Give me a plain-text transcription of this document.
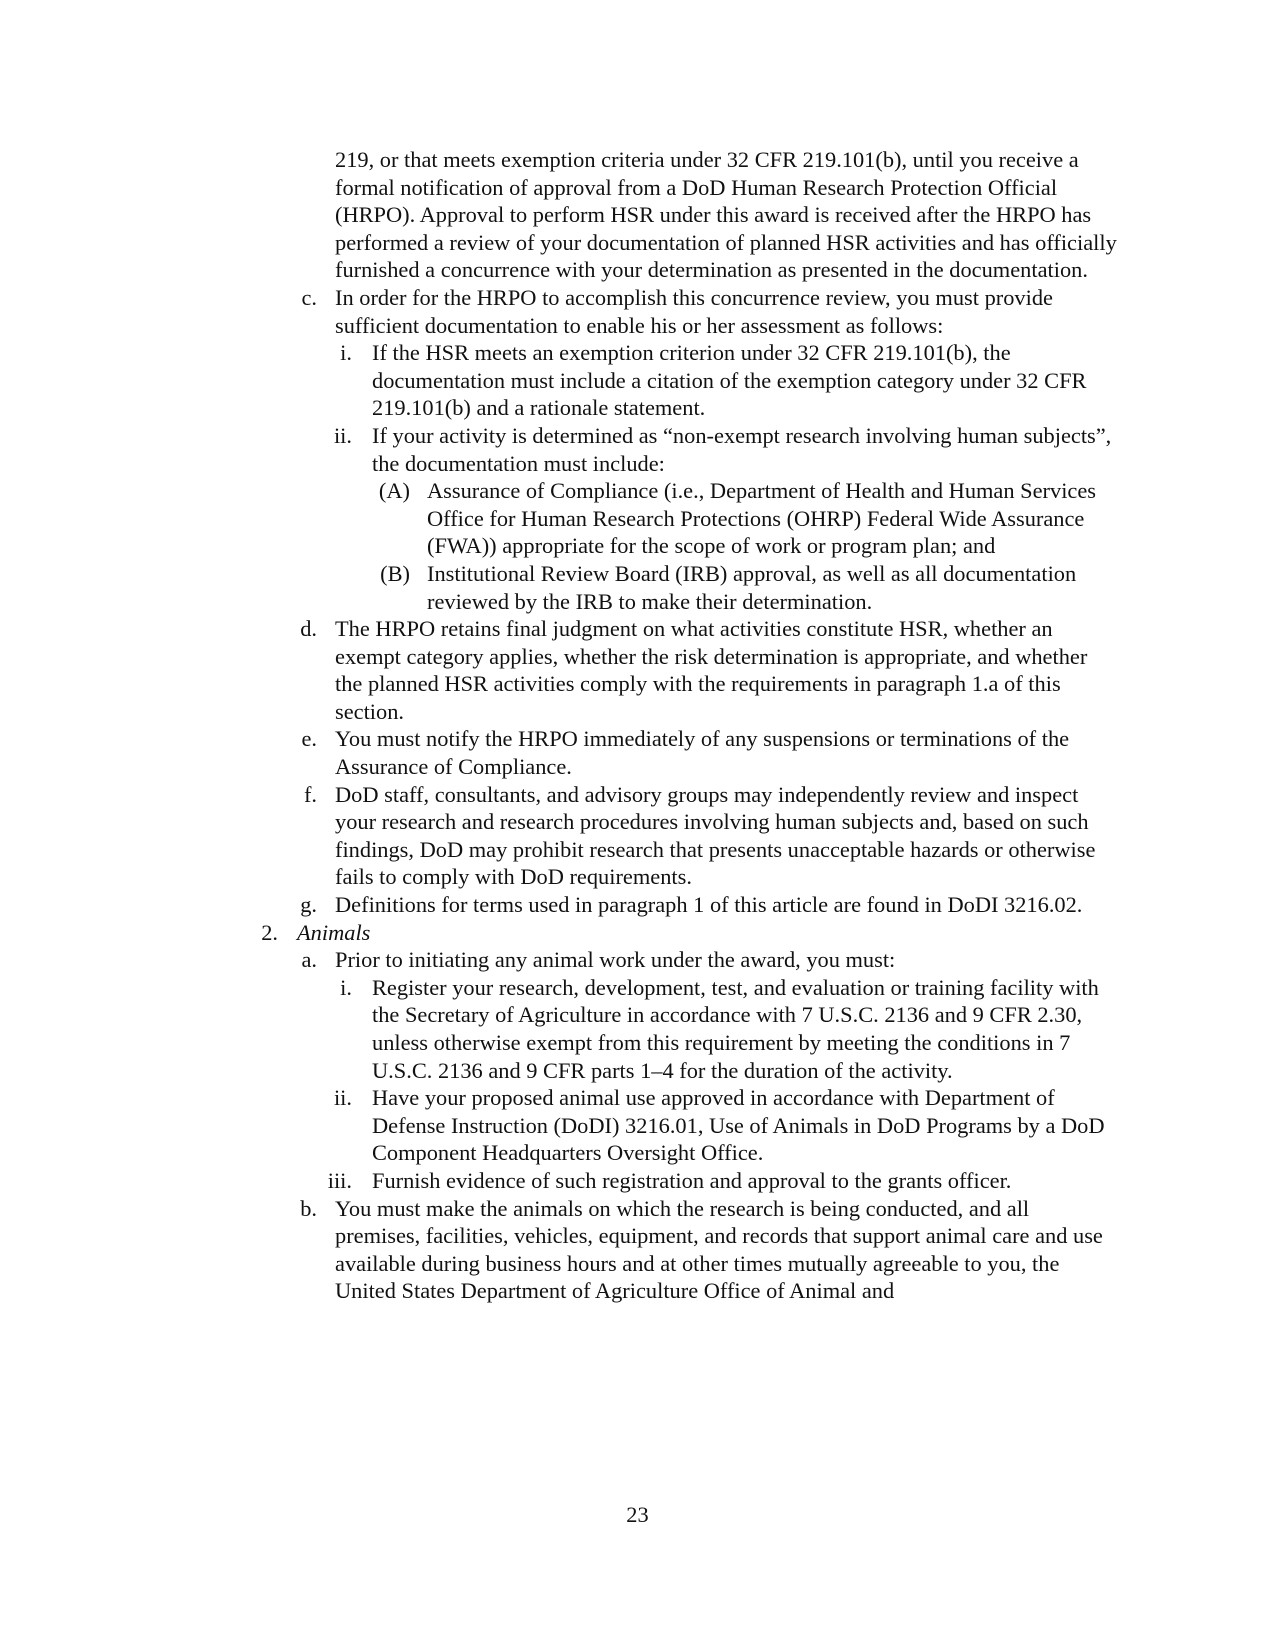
219, or that meets exemption criteria under 32 CFR 219.101(b), until you receive a formal notification of approval from a DoD Human Research Protection Official (HRPO). Approval to perform HSR under this award is received after the HRPO has performed a review of your documentation of planned HSR activities and has officially furnished a concurrence with your determination as presented in the documentation.
c. In order for the HRPO to accomplish this concurrence review, you must provide sufficient documentation to enable his or her assessment as follows:
i. If the HSR meets an exemption criterion under 32 CFR 219.101(b), the documentation must include a citation of the exemption category under 32 CFR 219.101(b) and a rationale statement.
ii. If your activity is determined as “non-exempt research involving human subjects”, the documentation must include:
(A) Assurance of Compliance (i.e., Department of Health and Human Services Office for Human Research Protections (OHRP) Federal Wide Assurance (FWA)) appropriate for the scope of work or program plan; and
(B) Institutional Review Board (IRB) approval, as well as all documentation reviewed by the IRB to make their determination.
d. The HRPO retains final judgment on what activities constitute HSR, whether an exempt category applies, whether the risk determination is appropriate, and whether the planned HSR activities comply with the requirements in paragraph 1.a of this section.
e. You must notify the HRPO immediately of any suspensions or terminations of the Assurance of Compliance.
f. DoD staff, consultants, and advisory groups may independently review and inspect your research and research procedures involving human subjects and, based on such findings, DoD may prohibit research that presents unacceptable hazards or otherwise fails to comply with DoD requirements.
g. Definitions for terms used in paragraph 1 of this article are found in DoDI 3216.02.
2. Animals
a. Prior to initiating any animal work under the award, you must:
i. Register your research, development, test, and evaluation or training facility with the Secretary of Agriculture in accordance with 7 U.S.C. 2136 and 9 CFR 2.30, unless otherwise exempt from this requirement by meeting the conditions in 7 U.S.C. 2136 and 9 CFR parts 1–4 for the duration of the activity.
ii. Have your proposed animal use approved in accordance with Department of Defense Instruction (DoDI) 3216.01, Use of Animals in DoD Programs by a DoD Component Headquarters Oversight Office.
iii. Furnish evidence of such registration and approval to the grants officer.
b. You must make the animals on which the research is being conducted, and all premises, facilities, vehicles, equipment, and records that support animal care and use available during business hours and at other times mutually agreeable to you, the United States Department of Agriculture Office of Animal and
23
